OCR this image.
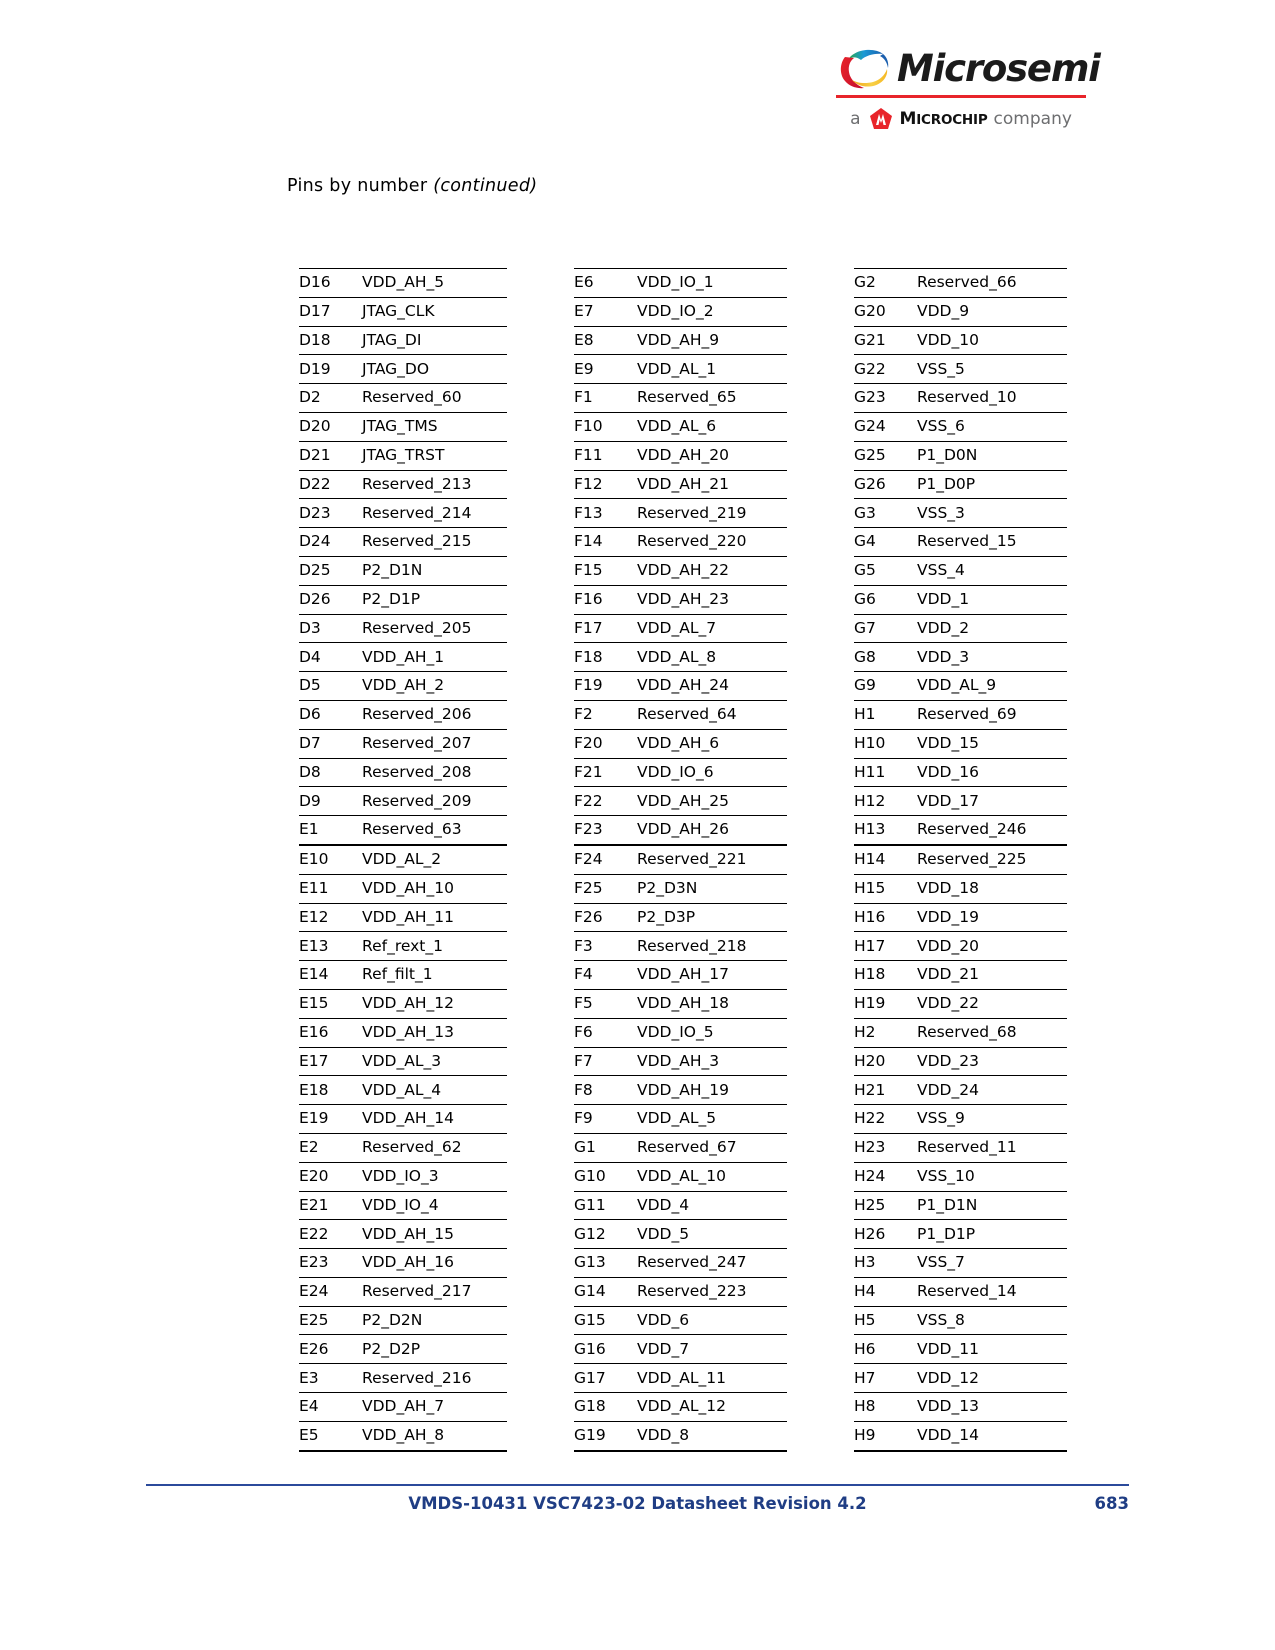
Microsemi
a MICROCHIP company
Pins by number (continued)
D16	VDD_AH_5
D17	JTAG_CLK
D18	JTAG_DI
D19	JTAG_DO
D2	Reserved_60
D20	JTAG_TMS
D21	JTAG_TRST
D22	Reserved_213
D23	Reserved_214
D24	Reserved_215
D25	P2_D1N
D26	P2_D1P
D3	Reserved_205
D4	VDD_AH_1
D5	VDD_AH_2
D6	Reserved_206
D7	Reserved_207
D8	Reserved_208
D9	Reserved_209
E1	Reserved_63
E10	VDD_AL_2
E11	VDD_AH_10
E12	VDD_AH_11
E13	Ref_rext_1
E14	Ref_filt_1
E15	VDD_AH_12
E16	VDD_AH_13
E17	VDD_AL_3
E18	VDD_AL_4
E19	VDD_AH_14
E2	Reserved_62
E20	VDD_IO_3
E21	VDD_IO_4
E22	VDD_AH_15
E23	VDD_AH_16
E24	Reserved_217
E25	P2_D2N
E26	P2_D2P
E3	Reserved_216
E4	VDD_AH_7
E5	VDD_AH_8
E6	VDD_IO_1
E7	VDD_IO_2
E8	VDD_AH_9
E9	VDD_AL_1
F1	Reserved_65
F10	VDD_AL_6
F11	VDD_AH_20
F12	VDD_AH_21
F13	Reserved_219
F14	Reserved_220
F15	VDD_AH_22
F16	VDD_AH_23
F17	VDD_AL_7
F18	VDD_AL_8
F19	VDD_AH_24
F2	Reserved_64
F20	VDD_AH_6
F21	VDD_IO_6
F22	VDD_AH_25
F23	VDD_AH_26
F24	Reserved_221
F25	P2_D3N
F26	P2_D3P
F3	Reserved_218
F4	VDD_AH_17
F5	VDD_AH_18
F6	VDD_IO_5
F7	VDD_AH_3
F8	VDD_AH_19
F9	VDD_AL_5
G1	Reserved_67
G10	VDD_AL_10
G11	VDD_4
G12	VDD_5
G13	Reserved_247
G14	Reserved_223
G15	VDD_6
G16	VDD_7
G17	VDD_AL_11
G18	VDD_AL_12
G19	VDD_8
G2	Reserved_66
G20	VDD_9
G21	VDD_10
G22	VSS_5
G23	Reserved_10
G24	VSS_6
G25	P1_D0N
G26	P1_D0P
G3	VSS_3
G4	Reserved_15
G5	VSS_4
G6	VDD_1
G7	VDD_2
G8	VDD_3
G9	VDD_AL_9
H1	Reserved_69
H10	VDD_15
H11	VDD_16
H12	VDD_17
H13	Reserved_246
H14	Reserved_225
H15	VDD_18
H16	VDD_19
H17	VDD_20
H18	VDD_21
H19	VDD_22
H2	Reserved_68
H20	VDD_23
H21	VDD_24
H22	VSS_9
H23	Reserved_11
H24	VSS_10
H25	P1_D1N
H26	P1_D1P
H3	VSS_7
H4	Reserved_14
H5	VSS_8
H6	VDD_11
H7	VDD_12
H8	VDD_13
H9	VDD_14
VMDS-10431 VSC7423-02 Datasheet Revision 4.2	683
